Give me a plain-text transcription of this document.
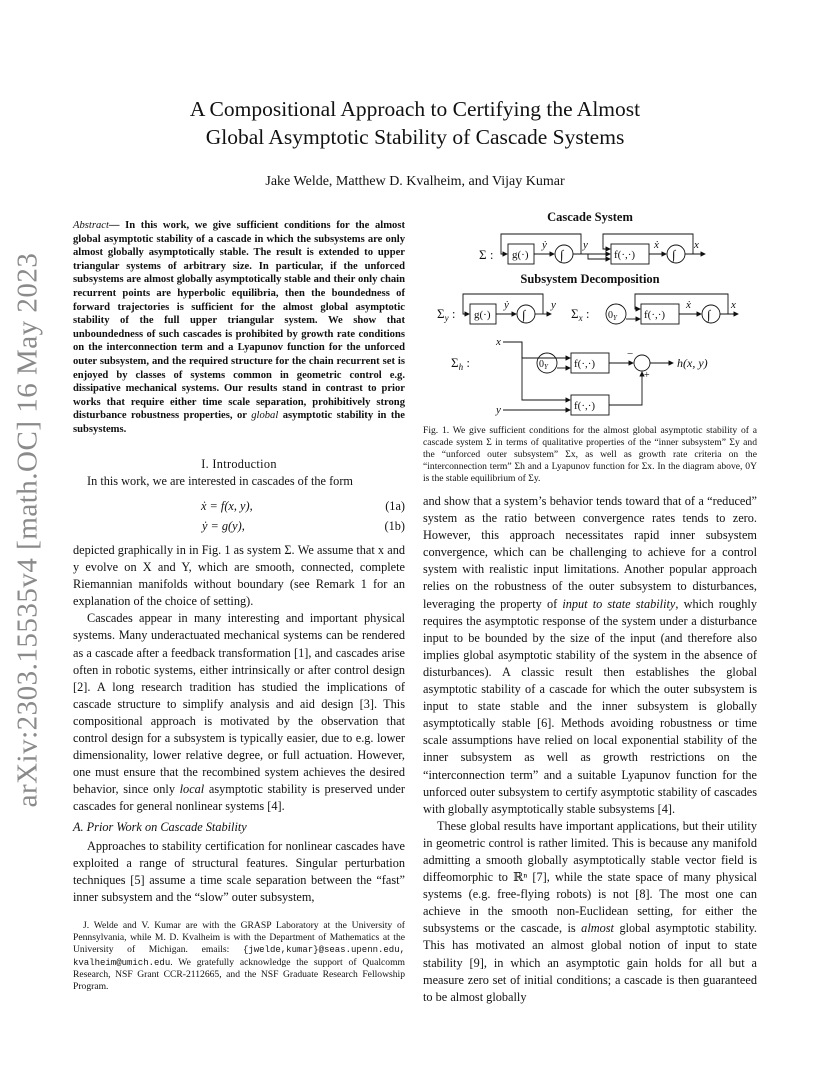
arXiv:2303.15535v4 [math.OC] 16 May 2023
A Compositional Approach to Certifying the Almost
Global Asymptotic Stability of Cascade Systems
Jake Welde, Matthew D. Kvalheim, and Vijay Kumar
Abstract— In this work, we give sufficient conditions for the almost global asymptotic stability of a cascade in which the subsystems are only almost globally asymptotically stable. The result is extended to upper triangular systems of arbitrary size. In particular, if the unforced subsystems are almost globally asymptotically stable and their only chain recurrent points are hyperbolic equilibria, then the boundedness of forward trajectories is sufficient for the almost global asymptotic stability of the full upper triangular system. We show that unboundedness of such cascades is prohibited by growth rate conditions on the interconnection term and a Lyapunov function for the unforced outer subsystem, and the required structure for the chain recurrent set is enjoyed by classes of systems common in geometric control e.g. dissipative mechanical systems. Our results stand in contrast to prior works that require either time scale separation, prohibitively strong disturbance robustness properties, or global asymptotic stability in the subsystems.
I. Introduction

In this work, we are interested in cascades of the form

ẋ = f(x, y),	(1a)
ẏ = g(y),	(1b)

depicted graphically in in Fig. 1 as system Σ. We assume that x and y evolve on X and Y, which are smooth, connected, complete Riemannian manifolds without boundary (see Remark 1 for an explanation of the choice of setting).

Cascades appear in many interesting and important physical systems. Many underactuated mechanical systems can be rendered as a cascade after a feedback transformation [1], and cascades arise often in robotic systems, either intrinsically or after control design [2]. A long research tradition has studied the implications of cascade structure to simplify analysis and aid design [3]. This compositional approach is motivated by the observation that control design for a subsystem is typically easier, due to e.g. lower dimensionality, lower relative degree, or full actuation. However, one must ensure that the recombined system achieves the desired behavior, since only local asymptotic stability is preserved under cascades for general nonlinear systems [4].

A. Prior Work on Cascade Stability

Approaches to stability certification for nonlinear cascades have exploited a range of structural features. Singular perturbation techniques [5] assume a time scale separation between the “fast” inner subsystem and the “slow” outer subsystem,

J. Welde and V. Kumar are with the GRASP Laboratory at the University of Pennsylvania, while M. D. Kvalheim is with the Department of Mathematics at the University of Michigan. emails: {jwelde,kumar}@seas.upenn.edu, kvalheim@umich.edu. We gratefully acknowledge the support of Qualcomm Research, NSF Grant CCR-2112665, and the NSF Graduate Research Fellowship Program.

Cascade System
Σ : g(·) ∫	f(·,·)	∫
ẏ	y	ẋ	x
$\Sigma_y$ : g(·) ∫
ẏ	y
$\Sigma_x$ : $0_Y$ f(·,·)	∫
ẋ	x
$\Sigma_h$ :
x
$0_Y$ f(·,·)
f(·,·)
−
+
h(x, y)
y
Subsystem Decomposition
Fig. 1. We give sufficient conditions for the almost global asymptotic stability of a cascade system Σ in terms of qualitative properties of the “inner subsystem” Σy and the “unforced outer subsystem” Σx, as well as growth rate criteria on the “interconnection term” Σh and a Lyapunov function for Σx. In the diagram above, 0Y is the stable equilibrium of Σy.

and show that a system’s behavior tends toward that of a “reduced” system as the ratio between convergence rates tends to zero. However, this approach necessitates rapid inner subsystem convergence, which can be challenging to achieve for a control system with realistic input limitations. Another popular approach relies on the robustness of the outer subsystem to disturbances, leveraging the property of input to state stability, which roughly requires the asymptotic response of the system under a disturbance input to be bounded by the size of the input (and therefore also implies global asymptotic stability of the system in the absence of disturbances). A classic result then establishes the global asymptotic stability of a cascade for which the outer subsystem is input to state stable and the inner subsystem is globally asymptotically stable [6]. Methods avoiding robustness or time scale assumptions have relied on local exponential stability of the inner subsystem as well as growth restrictions on the “interconnection term” and a suitable Lyapunov function for the unforced outer subsystem to certify asymptotic stability of cascades with globally asymptotically stable subsystems [4].

These global results have important applications, but their utility in geometric control is rather limited. This is because any manifold admitting a smooth globally asymptotically stable vector field is diffeomorphic to ℝⁿ [7], while the state space of many physical systems (e.g. free-flying robots) is not [8]. The most one can achieve in the smooth non-Euclidean setting, for either the subsystems or the cascade, is almost global asymptotic stability. This has motivated an almost global notion of input to state stability [9], in which an asymptotic gain holds for all but a measure zero set of initial conditions; a cascade is then guaranteed to be almost globally
